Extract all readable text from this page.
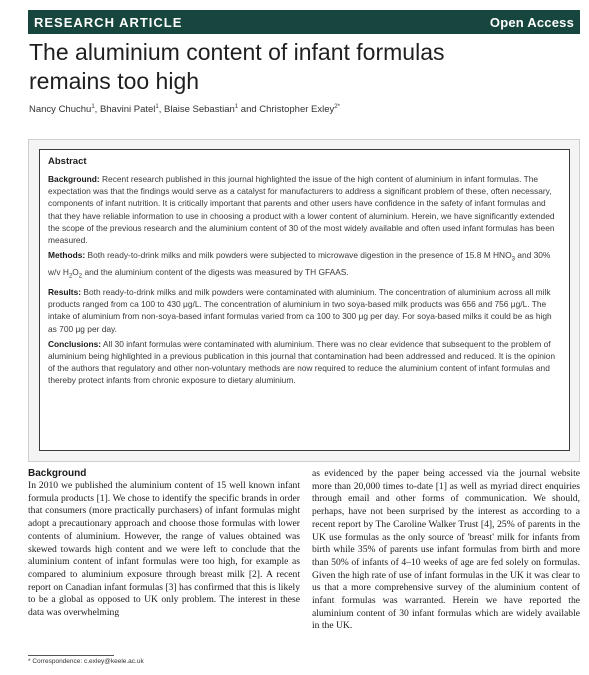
RESEARCH ARTICLE	Open Access
The aluminium content of infant formulas
remains too high
Nancy Chuchu$^1$, Bhavini Patel$^1$, Blaise Sebastian$^1$ and Christopher Exley$^{2*}$
Abstract

Background: Recent research published in this journal highlighted the issue of the high content of aluminium in infant formulas. The expectation was that the findings would serve as a catalyst for manufacturers to address a significant problem of these, often necessary, components of infant nutrition. It is critically important that parents and other users have confidence in the safety of infant formulas and that they have reliable information to use in choosing a product with a lower content of aluminium. Herein, we have significantly extended the scope of the previous research and the aluminium content of 30 of the most widely available and often used infant formulas has been measured.

Methods: Both ready-to-drink milks and milk powders were subjected to microwave digestion in the presence of 15.8 M $HNO_3$ and 30% w/v $H_2O_2$ and the aluminium content of the digests was measured by TH GFAAS.

Results: Both ready-to-drink milks and milk powders were contaminated with aluminium. The concentration of aluminium across all milk products ranged from ca 100 to 430 μg/L. The concentration of aluminium in two soya-based milk products was 656 and 756 μg/L. The intake of aluminium from non-soya-based infant formulas varied from ca 100 to 300 μg per day. For soya-based milks it could be as high as 700 μg per day.

Conclusions: All 30 infant formulas were contaminated with aluminium. There was no clear evidence that subsequent to the problem of aluminium being highlighted in a previous publication in this journal that contamination had been addressed and reduced. It is the opinion of the authors that regulatory and other non-voluntary methods are now required to reduce the aluminium content of infant formulas and thereby protect infants from chronic exposure to dietary aluminium.

Background

In 2010 we published the aluminium content of 15 well known infant formula products [1]. We chose to identify the specific brands in order that consumers (more practically purchasers) of infant formulas might adopt a precautionary approach and choose those formulas with lower contents of aluminium. However, the range of values obtained was skewed towards high content and we were left to conclude that the aluminium content of infant formulas were too high, for example as compared to aluminium exposure through breast milk [2]. A recent report on Canadian infant formulas [3] has confirmed that this is likely to be a global as opposed to UK only problem. The interest in these data was overwhelming

as evidenced by the paper being accessed via the journal website more than 20,000 times to-date [1] as well as myriad direct enquiries through email and other forms of communication. We should, perhaps, have not been surprised by the interest as according to a recent report by The Caroline Walker Trust [4], 25% of parents in the UK use formulas as the only source of 'breast' milk for infants from birth while 35% of parents use infant formulas from birth and more than 50% of infants of 4–10 weeks of age are fed solely on formulas. Given the high rate of use of infant formulas in the UK it was clear to us that a more comprehensive survey of the aluminium content of infant formulas was warranted. Herein we have reported the aluminium content of 30 infant formulas which are widely available in the UK.

* Correspondence: c.exley@keele.ac.uk
